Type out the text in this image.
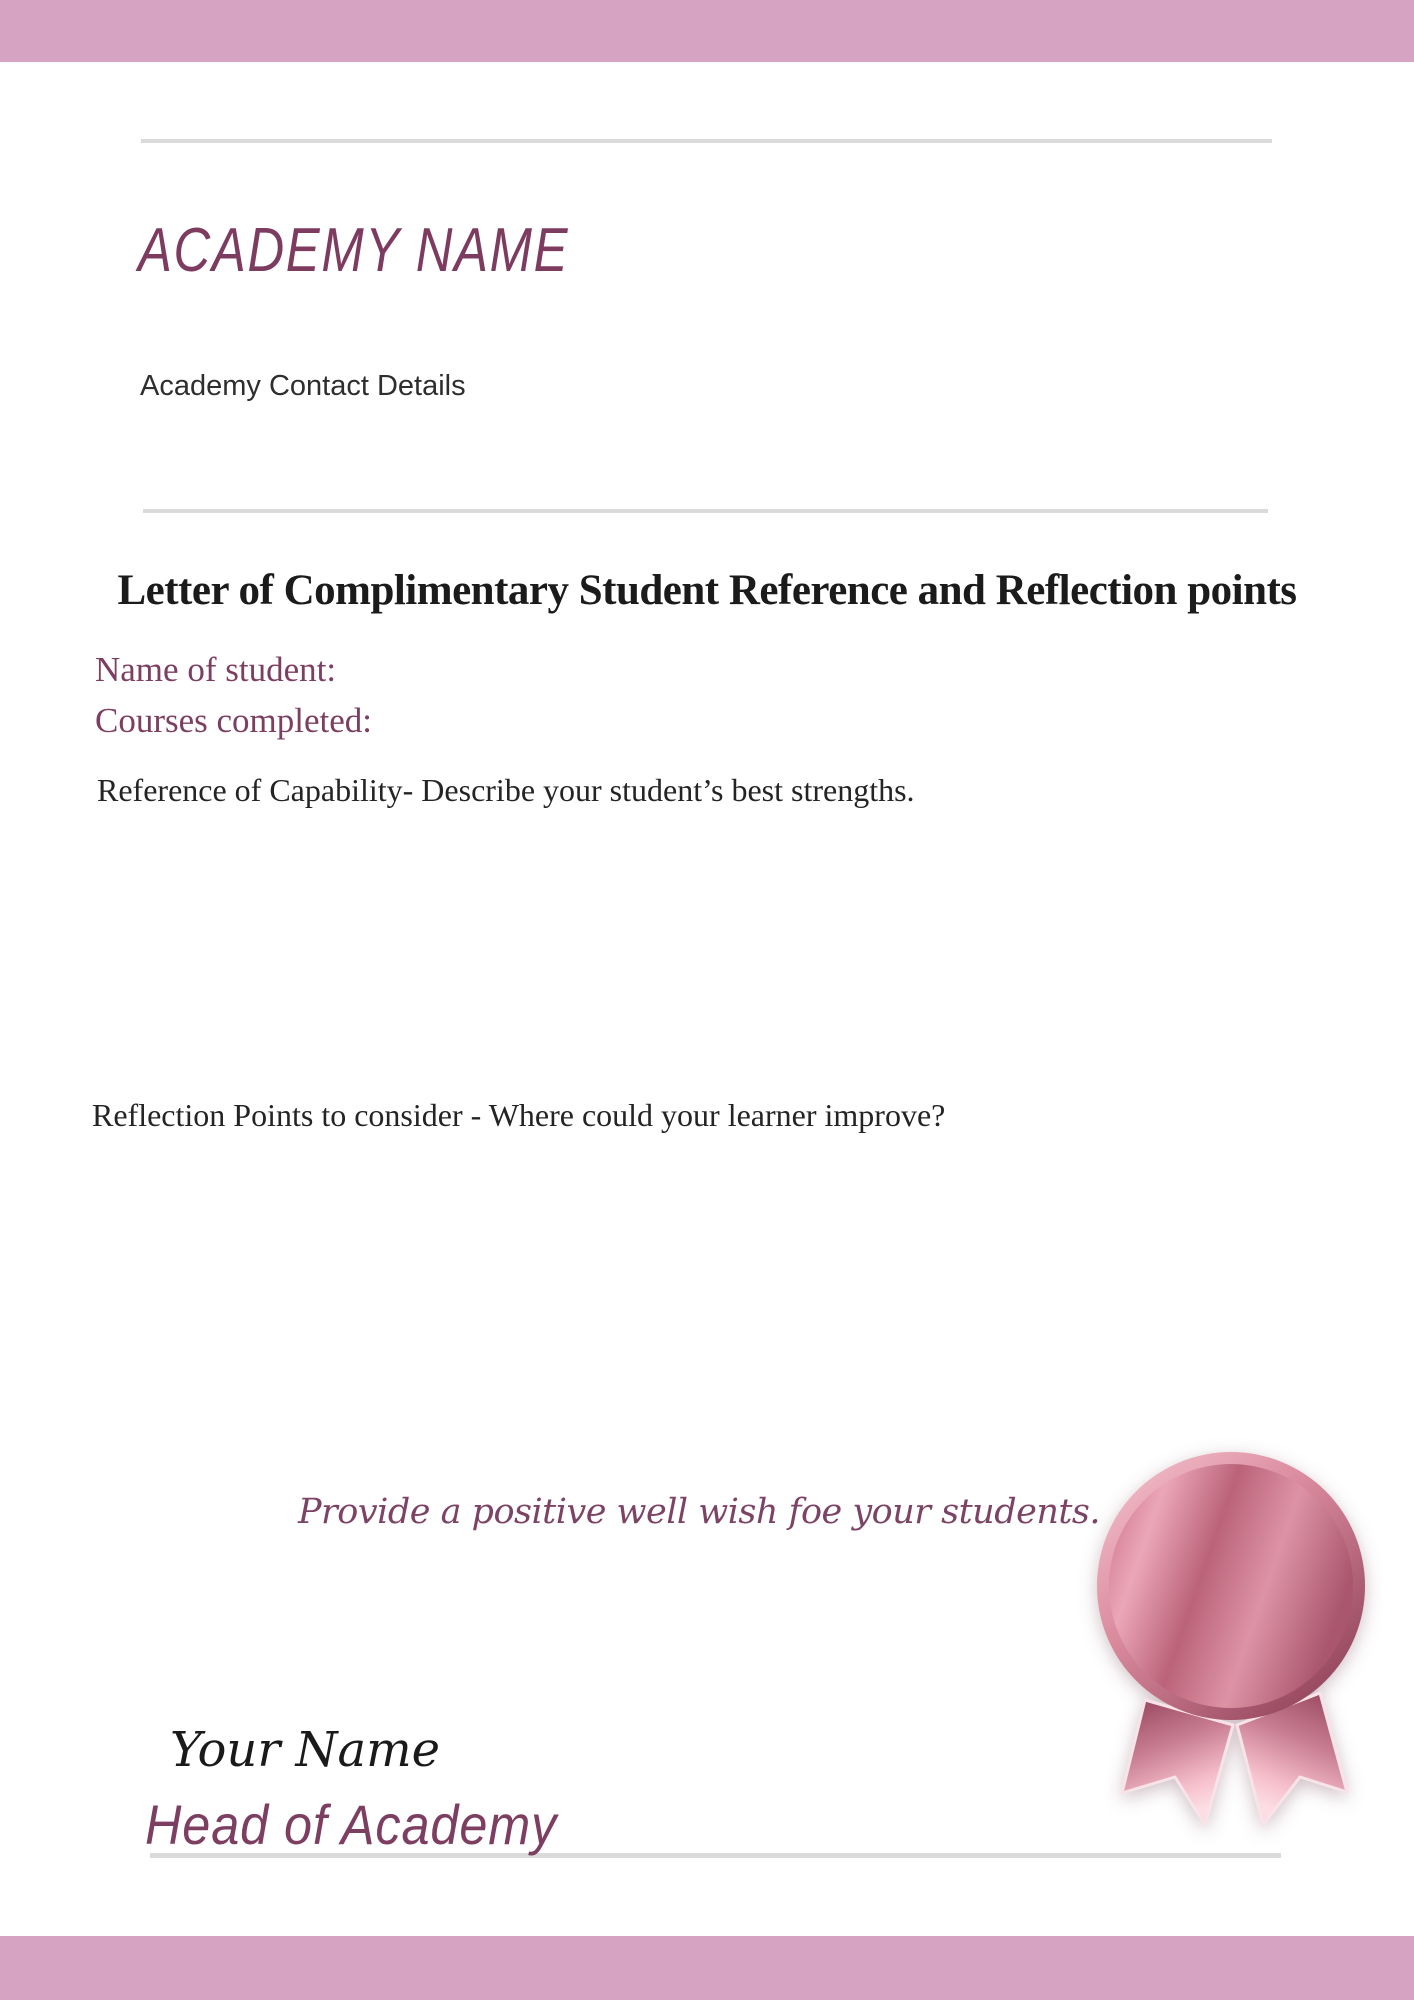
ACADEMY NAME
Academy Contact Details
Letter of Complimentary Student Reference and Reflection points
Name of student:
Courses completed:
Reference of Capability- Describe your student’s best strengths.
Reflection Points to consider - Where could your learner improve?
Provide a positive well wish foe your students.
Your Name
Head of Academy
